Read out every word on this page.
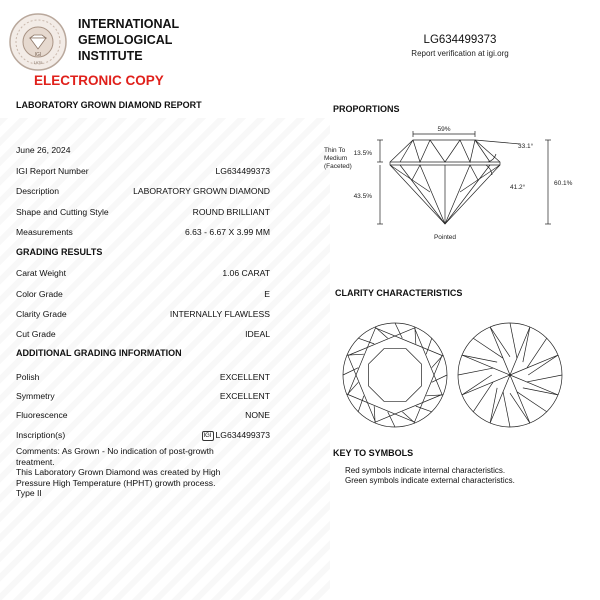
IGI
1975
INTERNATIONAL
GEMOLOGICAL
INSTITUTE
ELECTRONIC COPY
LG634499373
Report verification at igi.org
LABORATORY GROWN DIAMOND REPORT
June 26, 2024
IGI Report Number	LG634499373
Description	LABORATORY GROWN DIAMOND
Shape and Cutting Style	ROUND BRILLIANT
Measurements	6.63 - 6.67 X 3.99 MM
GRADING RESULTS
Carat Weight	1.06 CARAT
Color Grade	E
Clarity Grade	INTERNALLY FLAWLESS
Cut Grade	IDEAL
ADDITIONAL GRADING INFORMATION
Polish	EXCELLENT
Symmetry	EXCELLENT
Fluorescence	NONE
Inscription(s)	IGI LG634499373
Comments: As Grown - No indication of post-growth
treatment.
This Laboratory Grown Diamond was created by High
Pressure High Temperature (HPHT) growth process.
Type II
PROPORTIONS
59%
13.5%
43.5%
33.1°
41.2°
60.1%
Thin To
Medium
(Faceted)
Pointed
CLARITY CHARACTERISTICS
KEY TO SYMBOLS
Red symbols indicate internal characteristics.
Green symbols indicate external characteristics.
